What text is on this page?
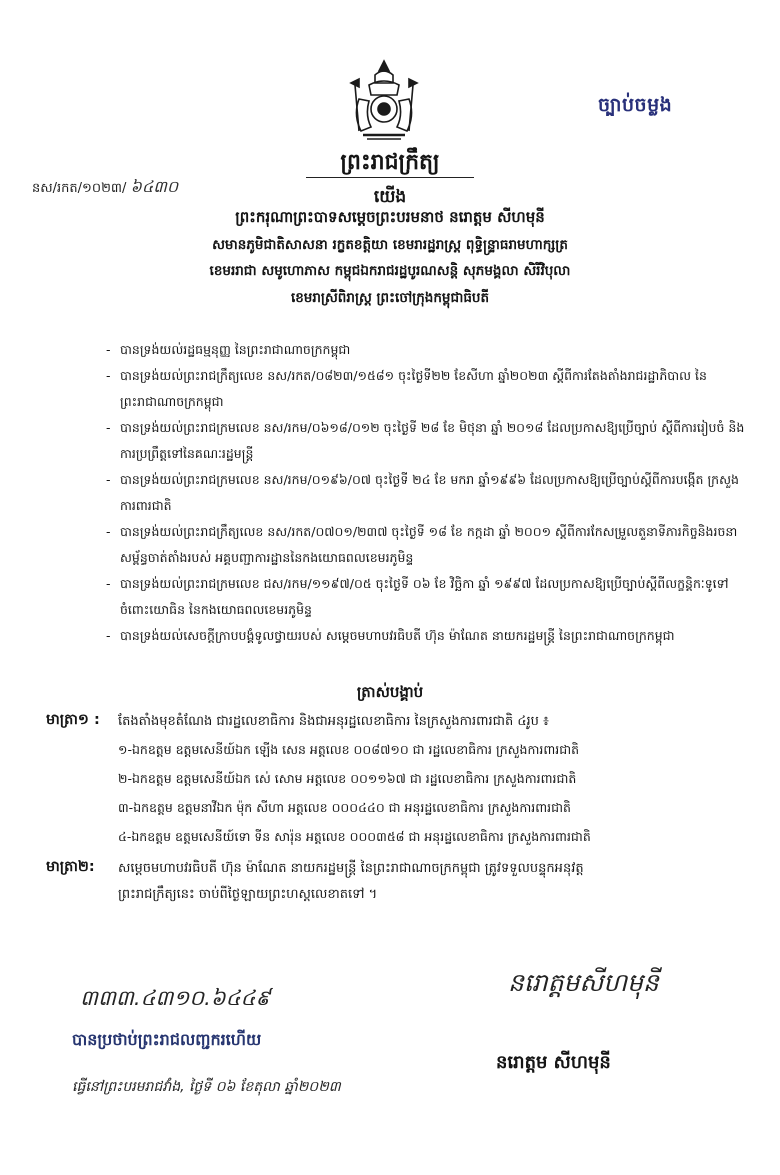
ច្បាប់ចម្លង
នស/រកត/១០២៣/ ៦៤៣០
ព្រះរាជក្រឹត្យ
យើង
ព្រះករុណាព្រះបាទសម្តេចព្រះបរមនាថ នរោត្តម សីហមុនី
សមានភូមិជាតិសាសនា រក្ខតខត្តិយា ខេមរារដ្ឋរាស្ត្រ ពុទ្ធិន្ទ្រាធរាមហាក្សត្រ
ខេមររាជា សមូហោភាស កម្ពុជឯករាជរដ្ឋបូរណសន្តិ សុភមង្គលា សិរីវិបុលា
ខេមរាស្រីពិរាស្ត្រ ព្រះចៅក្រុងកម្ពុជាធិបតី
- បានទ្រង់យល់រដ្ឋធម្មនុញ្ញ នៃព្រះរាជាណាចក្រកម្ពុជា
- បានទ្រង់យល់ព្រះរាជក្រឹត្យលេខ នស/រកត/០៨២៣/១៥៨១ ចុះថ្ងៃទី២២ ខែសីហា ឆ្នាំ២០២៣ ស្តីពីការតែងតាំងរាជរដ្ឋាភិបាល នៃព្រះរាជាណាចក្រកម្ពុជា
- បានទ្រង់យល់ព្រះរាជក្រមលេខ នស/រកម/០៦១៨/០១២ ចុះថ្ងៃទី ២៨ ខែ មិថុនា ឆ្នាំ ២០១៨ ដែលប្រកាសឱ្យប្រើច្បាប់ ស្តីពីការរៀបចំ និងការប្រព្រឹត្តទៅនៃគណៈរដ្ឋមន្ត្រី
- បានទ្រង់យល់ព្រះរាជក្រមលេខ នស/រកម/០១៩៦/០៧ ចុះថ្ងៃទី ២៤ ខែ មករា ឆ្នាំ១៩៩៦ ដែលប្រកាសឱ្យប្រើច្បាប់ស្តីពីការបង្កើត ក្រសួងការពារជាតិ
- បានទ្រង់យល់ព្រះរាជក្រឹត្យលេខ នស/រកត/០៧០១/២៣៧ ចុះថ្ងៃទី ១៨ ខែ កក្កដា ឆ្នាំ ២០០១ ស្តីពីការកែសម្រួលតួនាទីភារកិច្ចនិងរចនាសម្ព័ន្ធចាត់តាំងរបស់ អគ្គបញ្ជាការដ្ឋាននៃកងយោធពលខេមរភូមិន្ទ
- បានទ្រង់យល់ព្រះរាជក្រមលេខ ជស/រកម/១១៩៧/០៥ ចុះថ្ងៃទី ០៦ ខែ វិច្ឆិកា ឆ្នាំ ១៩៩៧ ដែលប្រកាសឱ្យប្រើច្បាប់ស្តីពីលក្ខន្តិកៈទូទៅ ចំពោះយោធិន នៃកងយោធពលខេមរភូមិន្ទ
- បានទ្រង់យល់សេចក្តីក្រាបបង្គំទូលថ្វាយរបស់ សម្តេចមហាបវរធិបតី ហ៊ុន ម៉ាណែត នាយករដ្ឋមន្ត្រី នៃព្រះរាជាណាចក្រកម្ពុជា
ត្រាស់បង្គាប់
មាត្រា១ : តែងតាំងមុខតំណែង ជារដ្ឋលេខាធិការ និងជាអនុរដ្ឋលេខាធិការ នៃក្រសួងការពារជាតិ ៤រូប ៖
១-ឯកឧត្តម ឧត្តមសេនីយ៍ឯក ឡើង សេន អត្តលេខ ០០៨៧១០ ជា រដ្ឋលេខាធិការ ក្រសួងការពារជាតិ
២-ឯកឧត្តម ឧត្តមសេនីយ៍ឯក សេ់ សោម អត្តលេខ ០០១១៦៧ ជា រដ្ឋលេខាធិការ ក្រសួងការពារជាតិ
៣-ឯកឧត្តម ឧត្តមនាវីឯក ម៉ុក សីហា អត្តលេខ ០០០៤៤០ ជា អនុរដ្ឋលេខាធិការ ក្រសួងការពារជាតិ
៤-ឯកឧត្តម ឧត្តមសេនីយ៍ទោ ទីន សារ៉ុន អត្តលេខ ០០០៣៥៨ ជា អនុរដ្ឋលេខាធិការ ក្រសួងការពារជាតិ
មាត្រា២: សម្តេចមហាបវរធិបតី ហ៊ុន ម៉ាណែត នាយករដ្ឋមន្ត្រី នៃព្រះរាជាណាចក្រកម្ពុជា ត្រូវទទួលបន្ទុកអនុវត្ត
ព្រះរាជក្រឹត្យនេះ ចាប់ពីថ្ងៃឡាយព្រះហស្តលេខាតទៅ ។
៣៣៣.៤៣១០.៦៤៤៩
នរោត្តមសីហមុនី
បានប្រថាប់ព្រះរាជលញ្ជករហើយ
នរោត្តម សីហមុនី
ធ្វើនៅព្រះបរមរាជវាំង, ថ្ងៃទី ០៦ ខែតុលា ឆ្នាំ២០២៣
